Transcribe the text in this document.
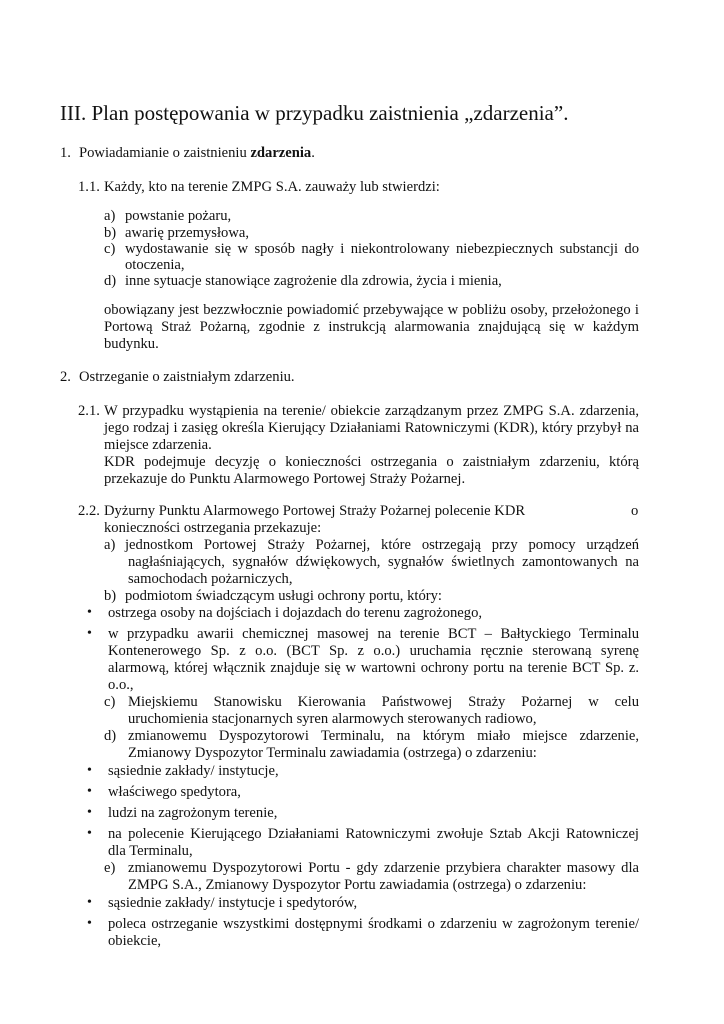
III. Plan postępowania w przypadku zaistnienia „zdarzenia”.
1. Powiadamianie o zaistnieniu zdarzenia.
1.1. Każdy, kto na terenie ZMPG S.A. zauważy lub stwierdzi:
a) powstanie pożaru,
b) awarię przemysłowa,
c) wydostawanie się w sposób nagły i niekontrolowany niebezpiecznych substancji do
otoczenia,
d) inne sytuacje stanowiące zagrożenie dla zdrowia, życia i mienia,
obowiązany jest bezzwłocznie powiadomić przebywające w pobliżu osoby, przełożonego i
Portową Straż Pożarną, zgodnie z instrukcją alarmowania znajdującą się w każdym
budynku.
2. Ostrzeganie o zaistniałym zdarzeniu.
2.1. W przypadku wystąpienia na terenie/ obiekcie zarządzanym przez ZMPG S.A. zdarzenia,
jego rodzaj i zasięg określa Kierujący Działaniami Ratowniczymi (KDR), który przybył na
miejsce zdarzenia.
KDR podejmuje decyzję o konieczności ostrzegania o zaistniałym zdarzeniu, którą
przekazuje do Punktu Alarmowego Portowej Straży Pożarnej.
2.2. Dyżurny Punktu Alarmowego Portowej Straży Pożarnej polecenie KDR	o
konieczności ostrzegania przekazuje:
a) jednostkom Portowej Straży Pożarnej, które ostrzegają przy pomocy urządzeń
nagłaśniających, sygnałów dźwiękowych, sygnałów świetlnych zamontowanych na
samochodach pożarniczych,
b) podmiotom świadczącym usługi ochrony portu, który:
• ostrzega osoby na dojściach i dojazdach do terenu zagrożonego,
• w przypadku awarii chemicznej masowej na terenie BCT – Bałtyckiego Terminalu
Kontenerowego Sp. z o.o. (BCT Sp. z o.o.) uruchamia ręcznie sterowaną syrenę
alarmową, której włącznik znajduje się w wartowni ochrony portu na terenie BCT Sp. z.
o.o.,
c) Miejskiemu Stanowisku Kierowania Państwowej Straży Pożarnej w celu
uruchomienia stacjonarnych syren alarmowych sterowanych radiowo,
d) zmianowemu Dyspozytorowi Terminalu, na którym miało miejsce zdarzenie,
Zmianowy Dyspozytor Terminalu zawiadamia (ostrzega) o zdarzeniu:
• sąsiednie zakłady/ instytucje,
• właściwego spedytora,
• ludzi na zagrożonym terenie,
• na polecenie Kierującego Działaniami Ratowniczymi zwołuje Sztab Akcji Ratowniczej
dla Terminalu,
e) zmianowemu Dyspozytorowi Portu - gdy zdarzenie przybiera charakter masowy dla
ZMPG S.A., Zmianowy Dyspozytor Portu zawiadamia (ostrzega) o zdarzeniu:
• sąsiednie zakłady/ instytucje i spedytorów,
• poleca ostrzeganie wszystkimi dostępnymi środkami o zdarzeniu w zagrożonym terenie/
obiekcie,
